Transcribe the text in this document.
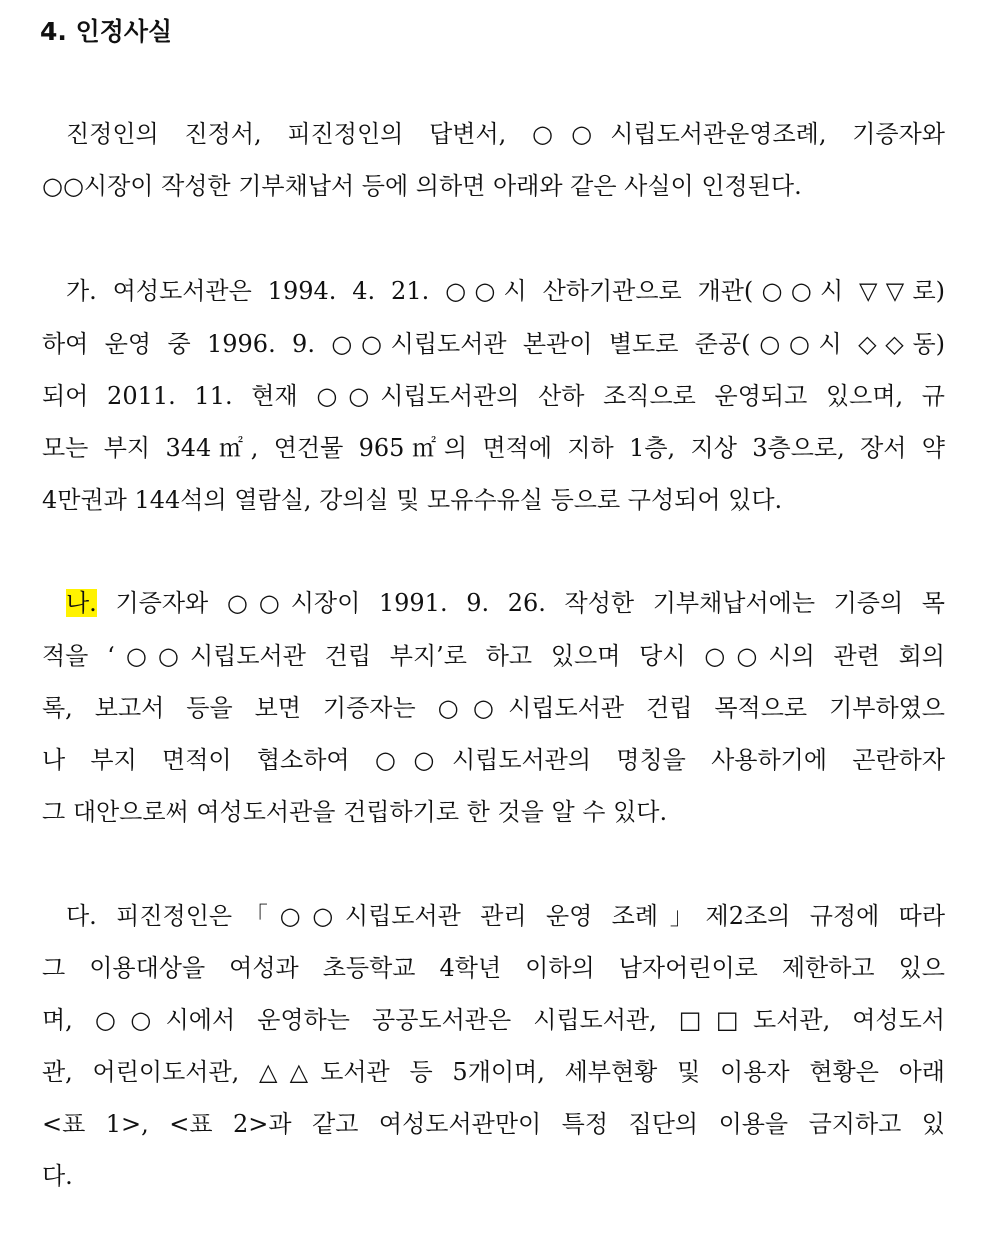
4. 인정사실
진정인의 진정서, 피진정인의 답변서, ○○시립도서관운영조례, 기증자와
○○시장이 작성한 기부채납서 등에 의하면 아래와 같은 사실이 인정된다.
가. 여성도서관은 1994. 4. 21. ○○시 산하기관으로 개관(○○시 ▽▽로)
하여 운영 중 1996. 9. ○○시립도서관 본관이 별도로 준공(○○시 ◇◇동)
되어 2011. 11. 현재 ○○시립도서관의 산하 조직으로 운영되고 있으며, 규
모는 부지 344㎡, 연건물 965㎡의 면적에 지하 1층, 지상 3층으로, 장서 약
4만권과 144석의 열람실, 강의실 및 모유수유실 등으로 구성되어 있다.
나. 기증자와 ○○시장이 1991. 9. 26. 작성한 기부채납서에는 기증의 목
적을 ‘○○시립도서관 건립 부지’로 하고 있으며 당시 ○○시의 관련 회의
록, 보고서 등을 보면 기증자는 ○○시립도서관 건립 목적으로 기부하였으
나 부지 면적이 협소하여 ○○시립도서관의 명칭을 사용하기에 곤란하자
그 대안으로써 여성도서관을 건립하기로 한 것을 알 수 있다.
다. 피진정인은「○○시립도서관 관리 운영 조례」제2조의 규정에 따라
그 이용대상을 여성과 초등학교 4학년 이하의 남자어린이로 제한하고 있으
며, ○○시에서 운영하는 공공도서관은 시립도서관, □□도서관, 여성도서
관, 어린이도서관, △△도서관 등 5개이며, 세부현황 및 이용자 현황은 아래
<표 1>, <표 2>과 같고 여성도서관만이 특정 집단의 이용을 금지하고 있
다.
